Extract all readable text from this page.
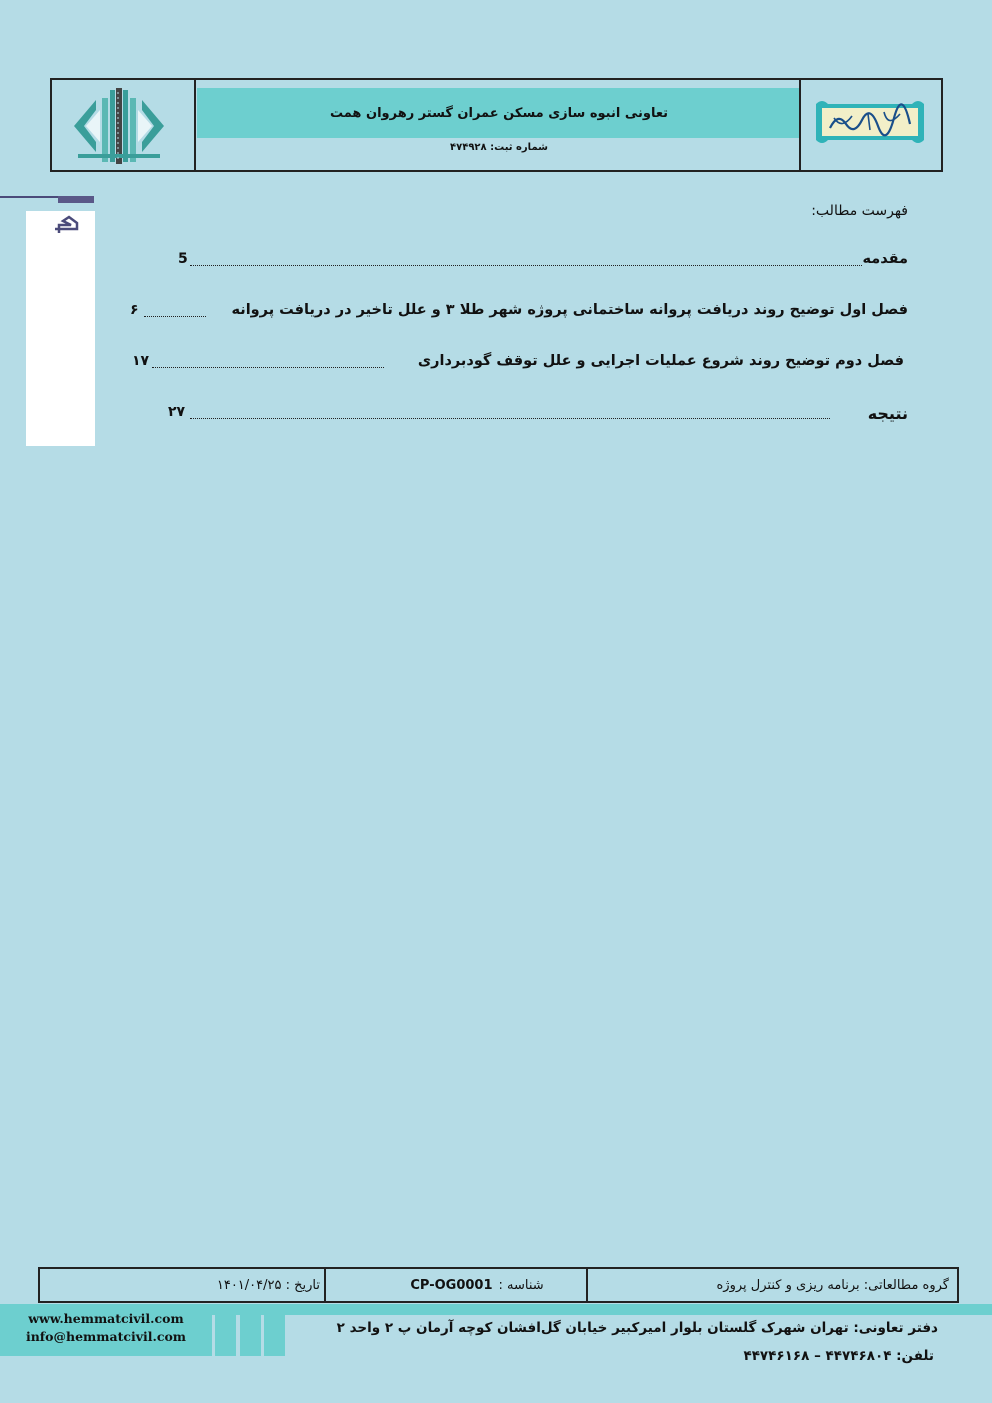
تعاونی انبوه سازی مسکن عمران گستر رهروان همت
شماره ثبت: ۴۷۴۹۲۸
فهرست مطالب:
مقدمه
5
فصل اول توضیح روند دریافت پروانه ساختمانی پروژه شهر طلا ۳ و علل تاخیر در دریافت پروانه
۶
فصل دوم توضیح روند شروع عملیات اجرایی و علل توقف گودبرداری
۱۷
نتیجه
۲۷
گروه مطالعاتی: برنامه ریزی و کنترل پروژه
شناسه :
CP-OG0001
تاریخ : ۱۴۰۱/۰۴/۲۵
www.hemmatcivil.com
info@hemmatcivil.com
دفتر تعاونی: تهران شهرک گلستان بلوار امیرکبیر خیابان گل‌افشان کوچه آرمان پ ۲ واحد ۲
تلفن: ۴۴۷۴۶۸۰۴ – ۴۴۷۴۶۱۶۸
